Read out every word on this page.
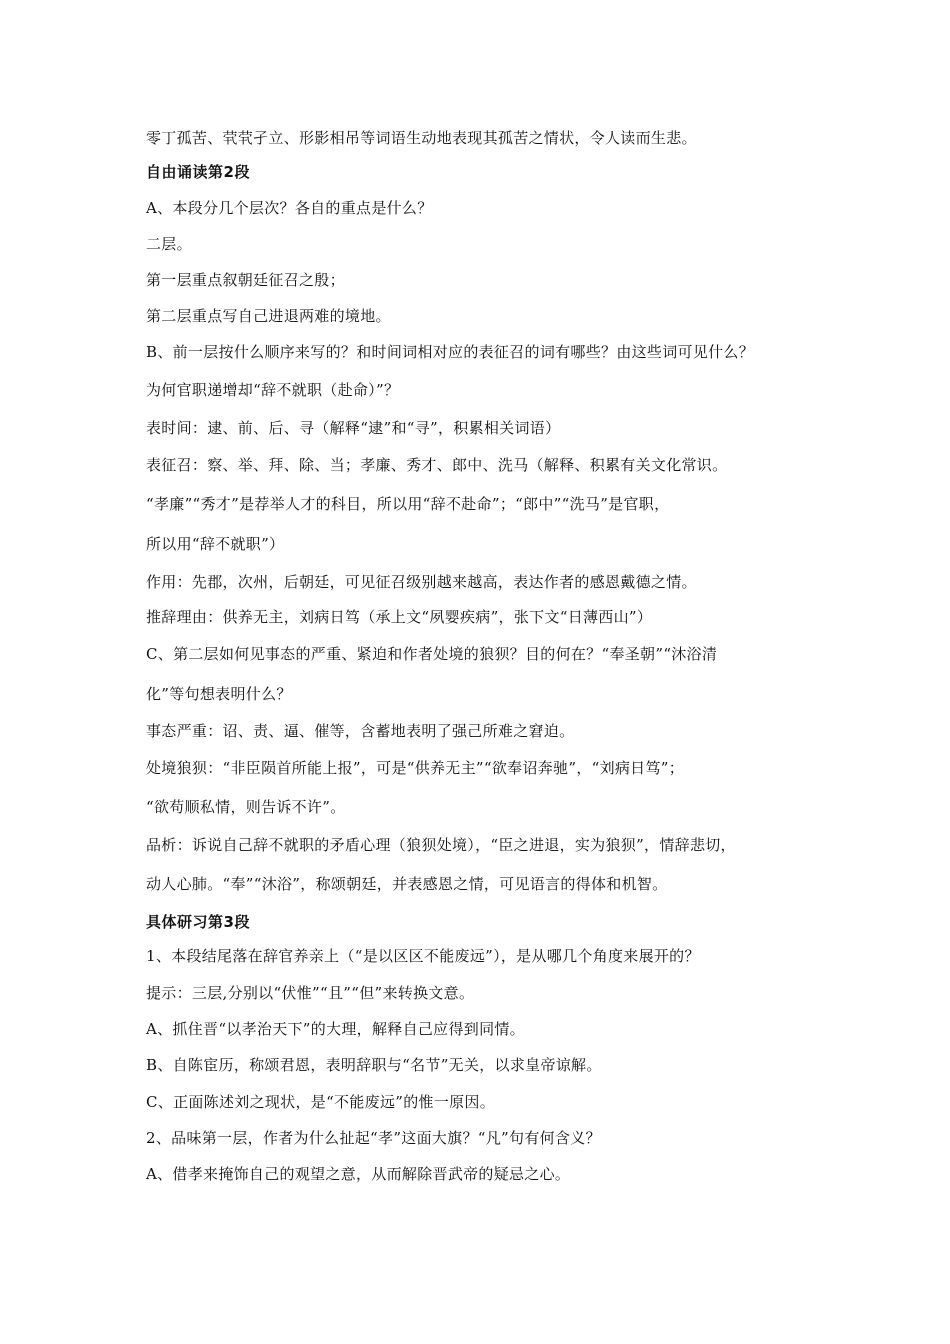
零丁孤苦、茕茕孑立、形影相吊等词语生动地表现其孤苦之情状，令人读而生悲。
自由诵读第2段
A、本段分几个层次？各自的重点是什么？
二层。
第一层重点叙朝廷征召之殷；
第二层重点写自己进退两难的境地。
B、前一层按什么顺序来写的？和时间词相对应的表征召的词有哪些？由这些词可见什么？
为何官职递增却“辞不就职（赴命）”？
表时间：逮、前、后、寻（解释“逮”和“寻”，积累相关词语）
表征召：察、举、拜、除、当；孝廉、秀才、郎中、洗马（解释、积累有关文化常识。
“孝廉”“秀才”是荐举人才的科目，所以用“辞不赴命”；“郎中”“洗马”是官职，
所以用“辞不就职”）
作用：先郡，次州，后朝廷，可见征召级别越来越高，表达作者的感恩戴德之情。
推辞理由：供养无主，刘病日笃（承上文“夙婴疾病”，张下文“日薄西山”）
C、第二层如何见事态的严重、紧迫和作者处境的狼狈？目的何在？“奉圣朝”“沐浴清
化”等句想表明什么？
事态严重：诏、责、逼、催等，含蓄地表明了强己所难之窘迫。
处境狼狈：“非臣陨首所能上报”，可是“供养无主”“欲奉诏奔驰”，“刘病日笃”；
“欲苟顺私情，则告诉不许”。
品析：诉说自己辞不就职的矛盾心理（狼狈处境），“臣之进退，实为狼狈”，情辞悲切，
动人心肺。“奉”“沐浴”，称颂朝廷，并表感恩之情，可见语言的得体和机智。
具体研习第3段
1、本段结尾落在辞官养亲上（“是以区区不能废远”），是从哪几个角度来展开的？
提示：三层,分别以“伏惟”“且”“但”来转换文意。
A、抓住晋“以孝治天下”的大理，解释自己应得到同情。
B、自陈宦历，称颂君恩，表明辞职与“名节”无关，以求皇帝谅解。
C、正面陈述刘之现状，是“不能废远”的惟一原因。
2、品味第一层，作者为什么扯起“孝”这面大旗？“凡”句有何含义？
A、借孝来掩饰自己的观望之意，从而解除晋武帝的疑忌之心。
